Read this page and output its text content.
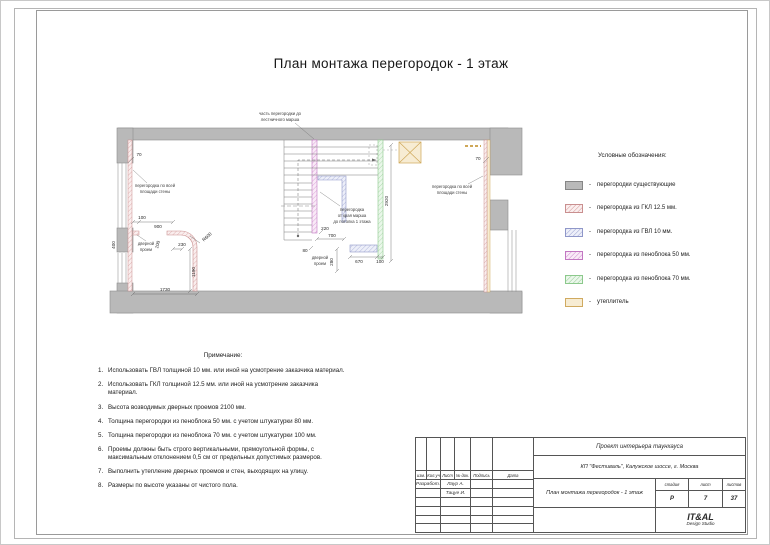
План монтажа перегородок - 1 этаж
70
100
900
400	100	230
R600
1190
1730
80
220
700
280	670	100
2920
70
часть перегородки до
лестничного марша
перегородка по всей
площади стены
перегородка по всей
площади стены
перегородка
от края марша
до потолка 1 этажа
дверной
проем
дверной
проем
Условные обозначения:
-	перегородки существующие
-	перегородка из ГКЛ 12.5 мм.
-	перегородка из ГВЛ 10 мм.
-	перегородка из пеноблока 50 мм.
-	перегородка из пеноблока 70 мм.
-	утеплитель
Примечание:
1. Использовать ГВЛ толщиной 10 мм. или иной на усмотрение заказчика материал.
2. Использовать ГКЛ толщиной 12.5 мм. или иной на усмотрение заказчика материал.
3. Высота возводимых дверных проемов 2100 мм.
4. Толщина перегородки из пеноблока 50 мм. с учетом штукатурки 80 мм.
5. Толщина перегородки из пеноблока 70 мм. с учетом штукатурки 100 мм.
6. Проемы должны быть строго вертикальными, прямоугольной формы, с максимальным отклонением 0,5 см от предельных допустимых размеров.
7. Выполнить утепление дверных проемов и стен, выходящих на улицу.
8. Размеры по высоте указаны от чистого пола.
изм. Кол.уч Лист № док. Подпись	Дата
Разработ.	Лаур А.
Тацуе И.
Проект интерьера таунхауса
КП "Фестиваль", Калужское шоссе, г. Москва
План монтажа перегородок - 1 этаж
стадия	лист	листов
Р	7	37
IT&AL
Design Studio
